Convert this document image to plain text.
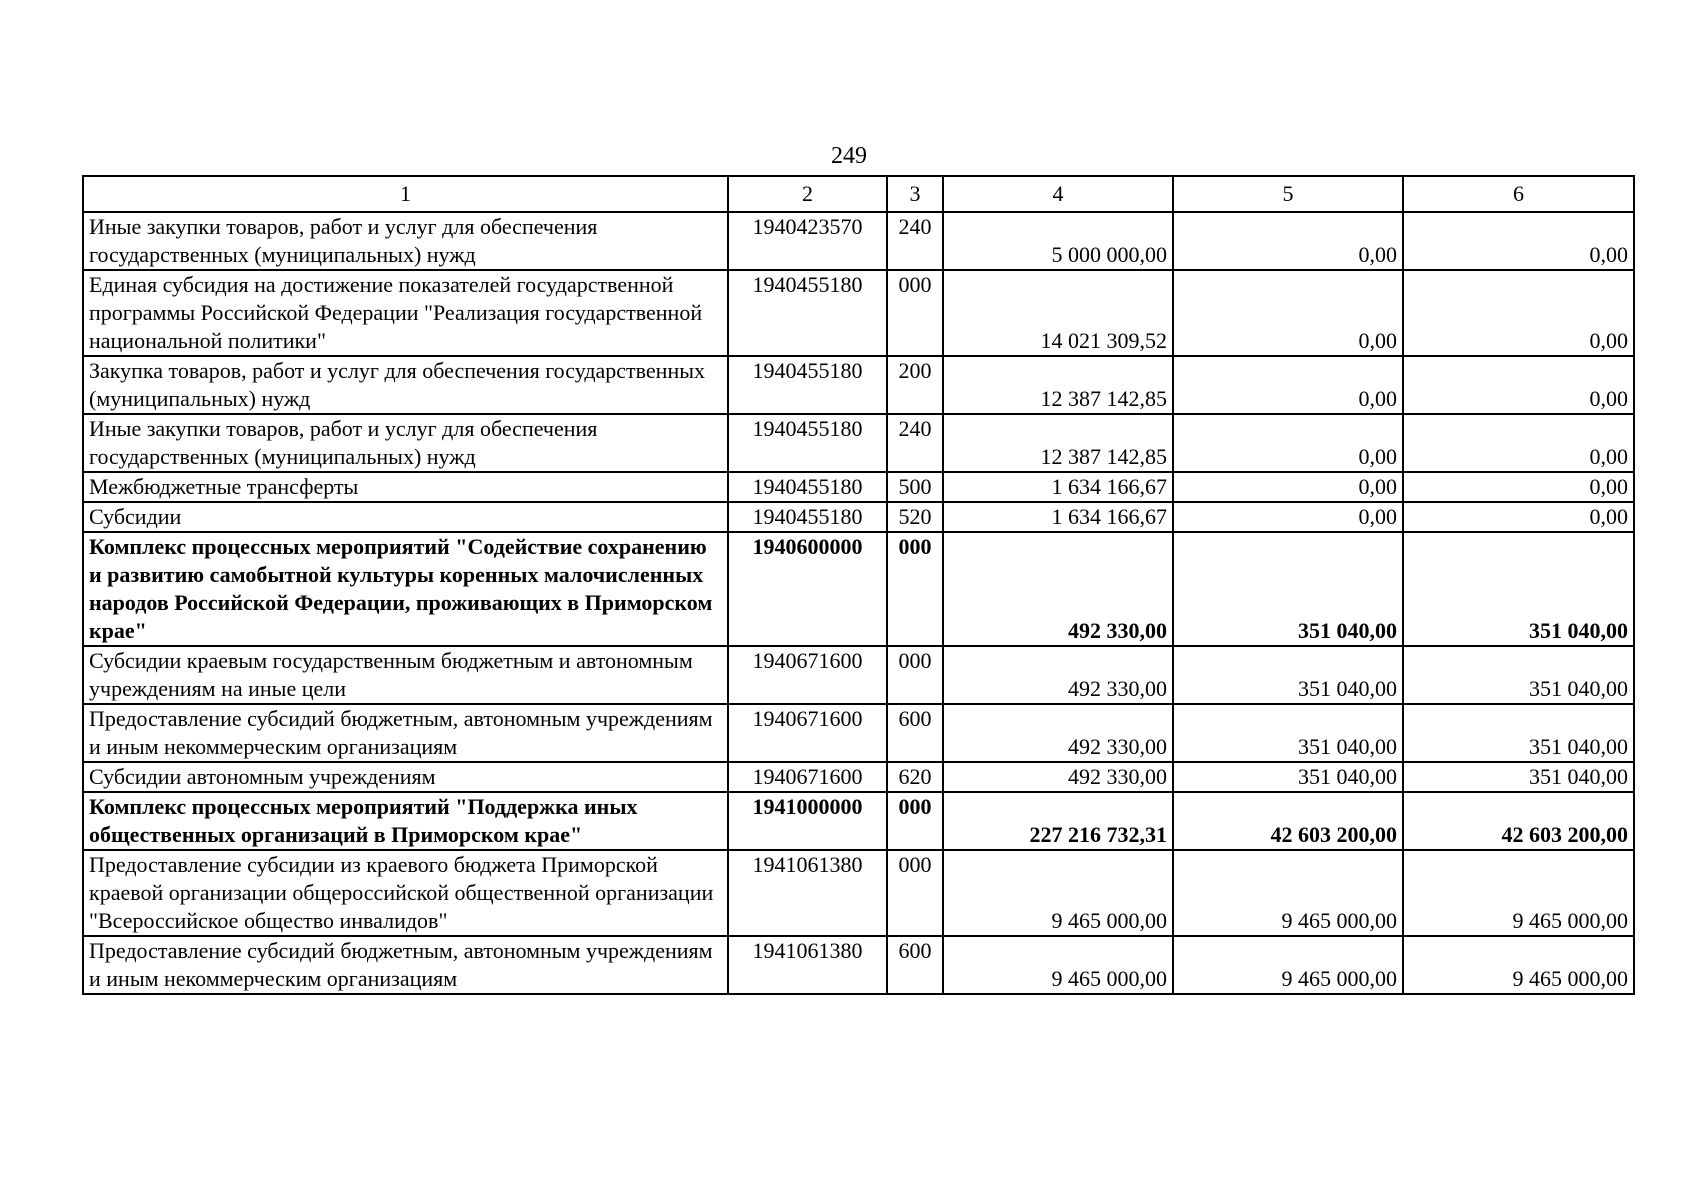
249
1	2	3	4	5	6
Иные закупки товаров, работ и услуг для обеспечения государственных (муниципальных) нужд	1940423570	240	5 000 000,00	0,00	0,00
Единая субсидия на достижение показателей государственной программы Российской Федерации "Реализация государственной национальной политики"	1940455180	000	14 021 309,52	0,00	0,00
Закупка товаров, работ и услуг для обеспечения государственных (муниципальных) нужд	1940455180	200	12 387 142,85	0,00	0,00
Иные закупки товаров, работ и услуг для обеспечения государственных (муниципальных) нужд	1940455180	240	12 387 142,85	0,00	0,00
Межбюджетные трансферты	1940455180	500	1 634 166,67	0,00	0,00
Субсидии	1940455180	520	1 634 166,67	0,00	0,00
Комплекс процессных мероприятий "Содействие сохранению и развитию самобытной культуры коренных малочисленных народов Российской Федерации, проживающих в Приморском крае"	1940600000	000	492 330,00	351 040,00	351 040,00
Субсидии краевым государственным бюджетным и автономным учреждениям на иные цели	1940671600	000	492 330,00	351 040,00	351 040,00
Предоставление субсидий бюджетным, автономным учреждениям и иным некоммерческим организациям	1940671600	600	492 330,00	351 040,00	351 040,00
Субсидии автономным учреждениям	1940671600	620	492 330,00	351 040,00	351 040,00
Комплекс процессных мероприятий "Поддержка иных общественных организаций в Приморском крае"	1941000000	000	227 216 732,31	42 603 200,00	42 603 200,00
Предоставление субсидии из краевого бюджета Приморской краевой организации общероссийской общественной организации "Всероссийское общество инвалидов"	1941061380	000	9 465 000,00	9 465 000,00	9 465 000,00
Предоставление субсидий бюджетным, автономным учреждениям и иным некоммерческим организациям	1941061380	600	9 465 000,00	9 465 000,00	9 465 000,00
